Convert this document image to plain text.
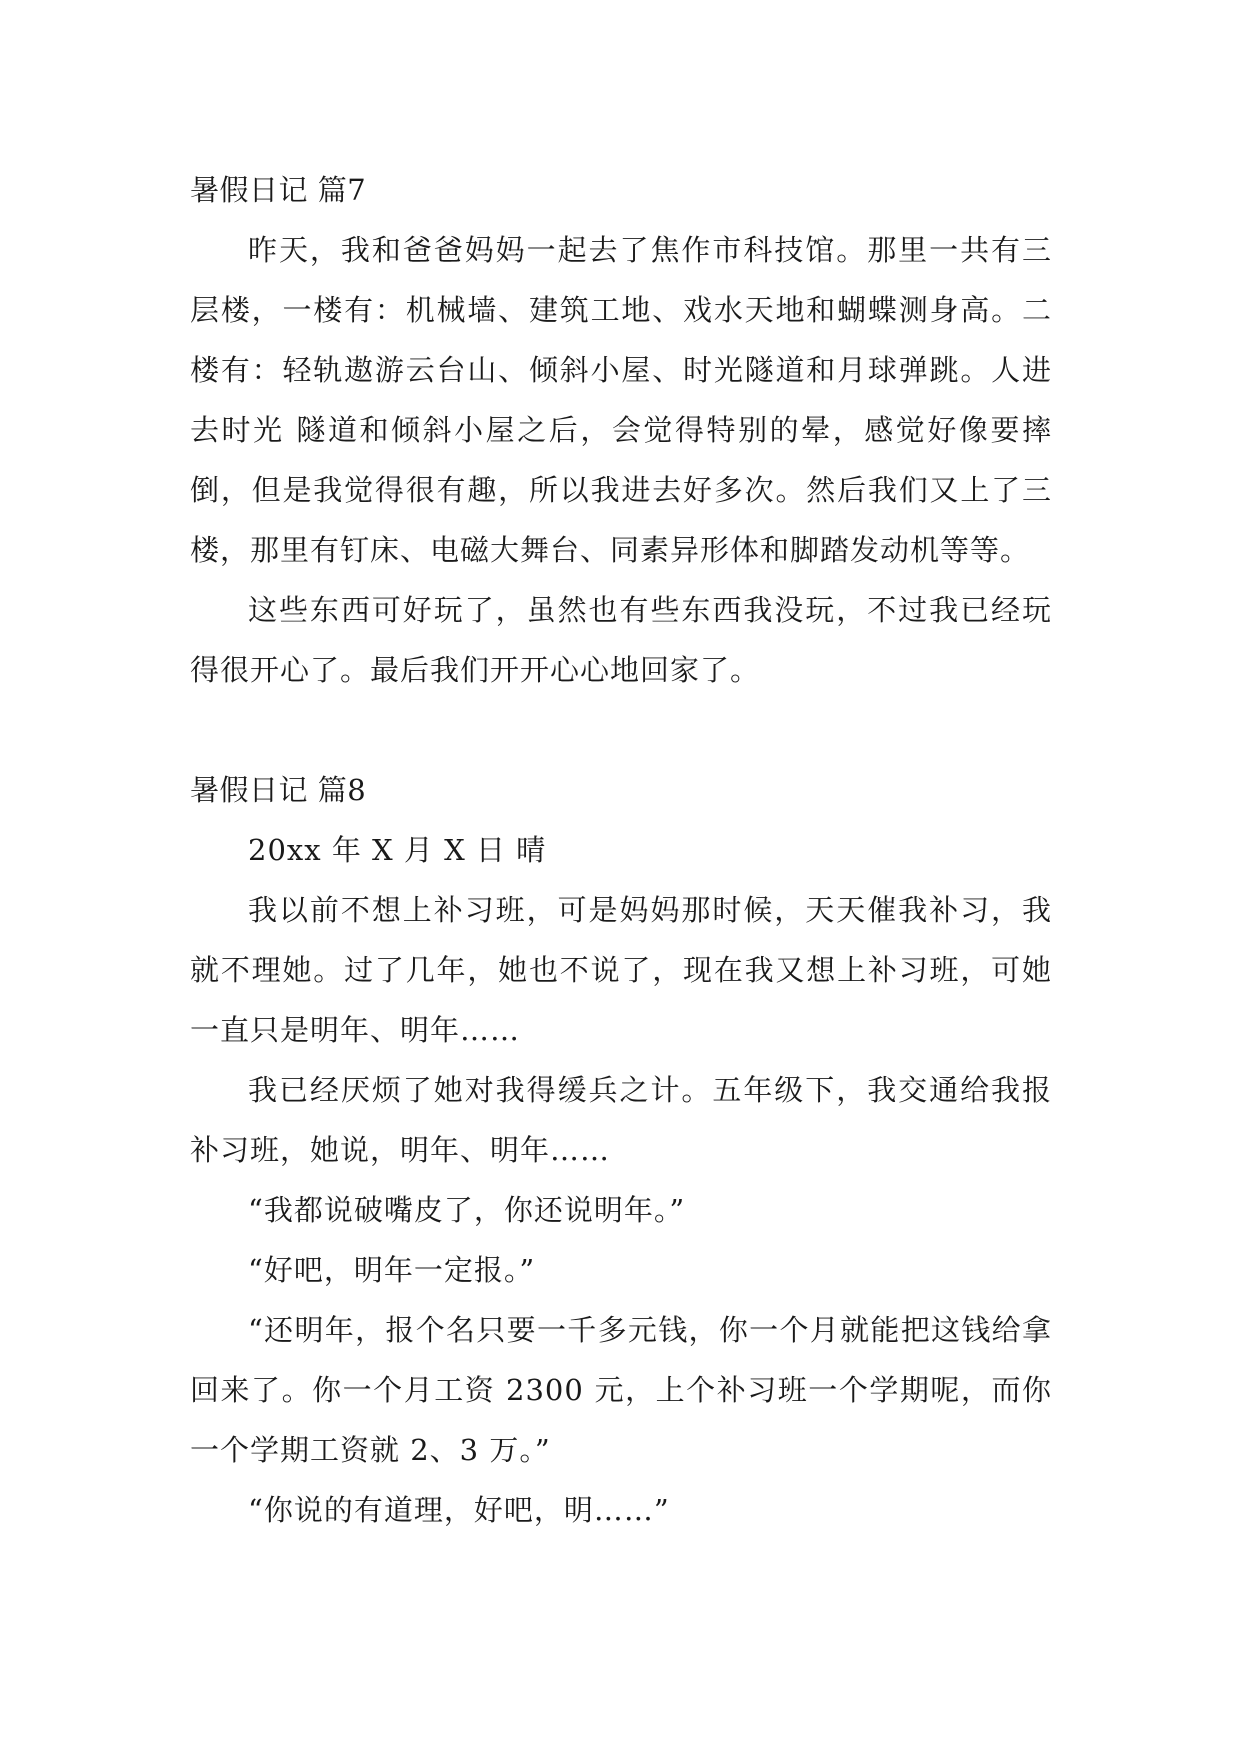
暑假日记 篇7

昨天，我和爸爸妈妈一起去了焦作市科技馆。那里一共有三层楼，一楼有：机械墙、建筑工地、戏水天地和蝴蝶测身高。二楼有：轻轨遨游云台山、倾斜小屋、时光隧道和月球弹跳。人进去时光 隧道和倾斜小屋之后，会觉得特别的晕，感觉好像要摔倒，但是我觉得很有趣，所以我进去好多次。然后我们又上了三楼，那里有钉床、电磁大舞台、同素异形体和脚踏发动机等等。

这些东西可好玩了，虽然也有些东西我没玩，不过我已经玩得很开心了。最后我们开开心心地回家了。

暑假日记 篇8

20xx 年 X 月 X 日 晴

我以前不想上补习班，可是妈妈那时候，天天催我补习，我就不理她。过了几年，她也不说了，现在我又想上补习班，可她一直只是明年、明年……

我已经厌烦了她对我得缓兵之计。五年级下，我交通给我报补习班，她说，明年、明年……

“我都说破嘴皮了，你还说明年。”

“好吧，明年一定报。”

“还明年，报个名只要一千多元钱，你一个月就能把这钱给拿回来了。你一个月工资 2300 元，上个补习班一个学期呢，而你一个学期工资就 2、3 万。”

“你说的有道理，好吧，明……”
